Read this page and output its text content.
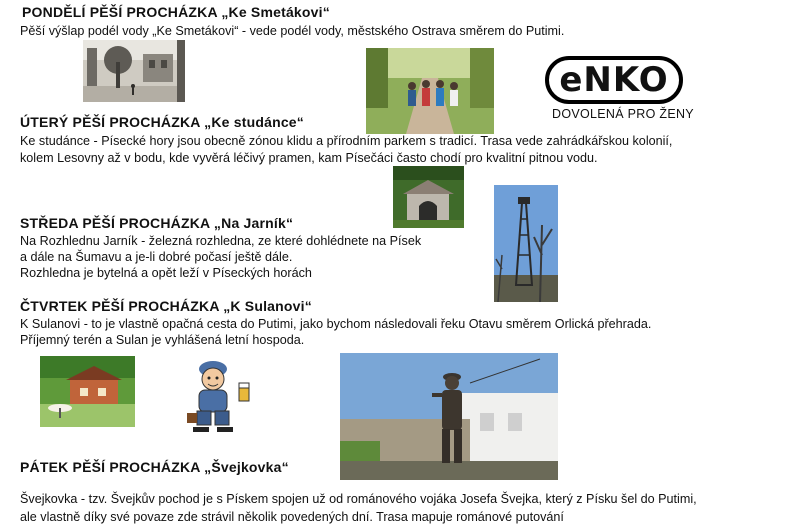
PONDĚLÍ PĚŠÍ PROCHÁZKA „Ke Smetákovi“
Pěší výšlap podél vody „Ke Smetákovi“ - vede podél vody, městského Ostrava směrem do Putimi.
eNKO
DOVOLENÁ PRO ŽENY
ÚTERÝ PĚŠÍ PROCHÁZKA „Ke studánce“
Ke studánce - Písecké hory jsou obecně zónou klidu a přírodním parkem s tradicí. Trasa vede zahrádkářskou kolonií,
kolem Lesovny až v bodu, kde vyvěrá léčivý pramen, kam Písečáci často chodí pro kvalitní pitnou vodu.
STŘEDA PĚŠÍ PROCHÁZKA „Na Jarník“
Na Rozhlednu Jarník - železná rozhledna, ze které dohlédnete na Písek
a dále na Šumavu a je-li dobré počasí ještě dále.
Rozhledna je bytelná a opět leží v Píseckých horách
ČTVRTEK PĚŠÍ PROCHÁZKA „K Sulanovi“
K Sulanovi - to je vlastně opačná cesta do Putimi, jako bychom následovali řeku Otavu směrem Orlická přehrada.
Příjemný terén a Sulan je vyhlášená letní hospoda.
PÁTEK PĚŠÍ PROCHÁZKA „Švejkovka“
Švejkovka - tzv. Švejkův pochod je s Pískem spojen už od románového vojáka Josefa Švejka, který z Písku šel do Putimi,
ale vlastně díky své povaze zde strávil několik povedených dní. Trasa mapuje románové putování
